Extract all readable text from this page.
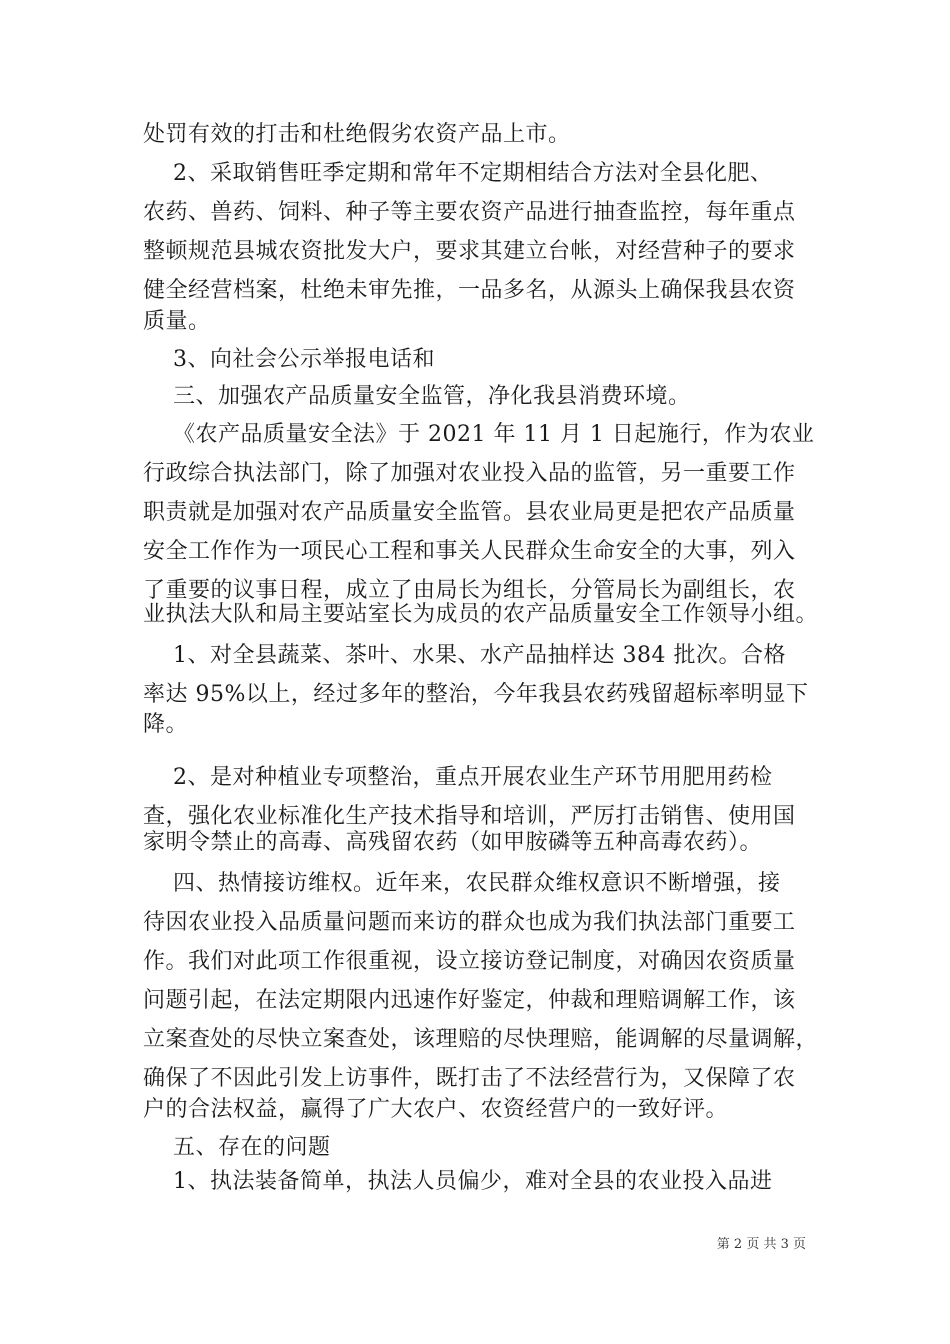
处罚有效的打击和杜绝假劣农资产品上市。
2、采取销售旺季定期和常年不定期相结合方法对全县化肥、
农药、兽药、饲料、种子等主要农资产品进行抽查监控，每年重点
整顿规范县城农资批发大户，要求其建立台帐，对经营种子的要求
健全经营档案，杜绝未审先推，一品多名，从源头上确保我县农资
质量。
3、向社会公示举报电话和
三、加强农产品质量安全监管，净化我县消费环境。
《农产品质量安全法》于 2021 年 11 月 1 日起施行，作为农业
行政综合执法部门，除了加强对农业投入品的监管，另一重要工作
职责就是加强对农产品质量安全监管。县农业局更是把农产品质量
安全工作作为一项民心工程和事关人民群众生命安全的大事，列入
了重要的议事日程，成立了由局长为组长，分管局长为副组长，农
业执法大队和局主要站室长为成员的农产品质量安全工作领导小组。
1、对全县蔬菜、茶叶、水果、水产品抽样达 384 批次。合格
率达 95%以上，经过多年的整治，今年我县农药残留超标率明显下
降。
2、是对种植业专项整治，重点开展农业生产环节用肥用药检
查，强化农业标准化生产技术指导和培训，严厉打击销售、使用国
家明令禁止的高毒、高残留农药（如甲胺磷等五种高毒农药）。
四、热情接访维权。近年来，农民群众维权意识不断增强，接
待因农业投入品质量问题而来访的群众也成为我们执法部门重要工
作。我们对此项工作很重视，设立接访登记制度，对确因农资质量
问题引起，在法定期限内迅速作好鉴定，仲裁和理赔调解工作，该
立案查处的尽快立案查处，该理赔的尽快理赔，能调解的尽量调解，
确保了不因此引发上访事件，既打击了不法经营行为，又保障了农
户的合法权益，赢得了广大农户、农资经营户的一致好评。
五、存在的问题
1、执法装备简单，执法人员偏少，难对全县的农业投入品进
第 2 页 共 3 页
